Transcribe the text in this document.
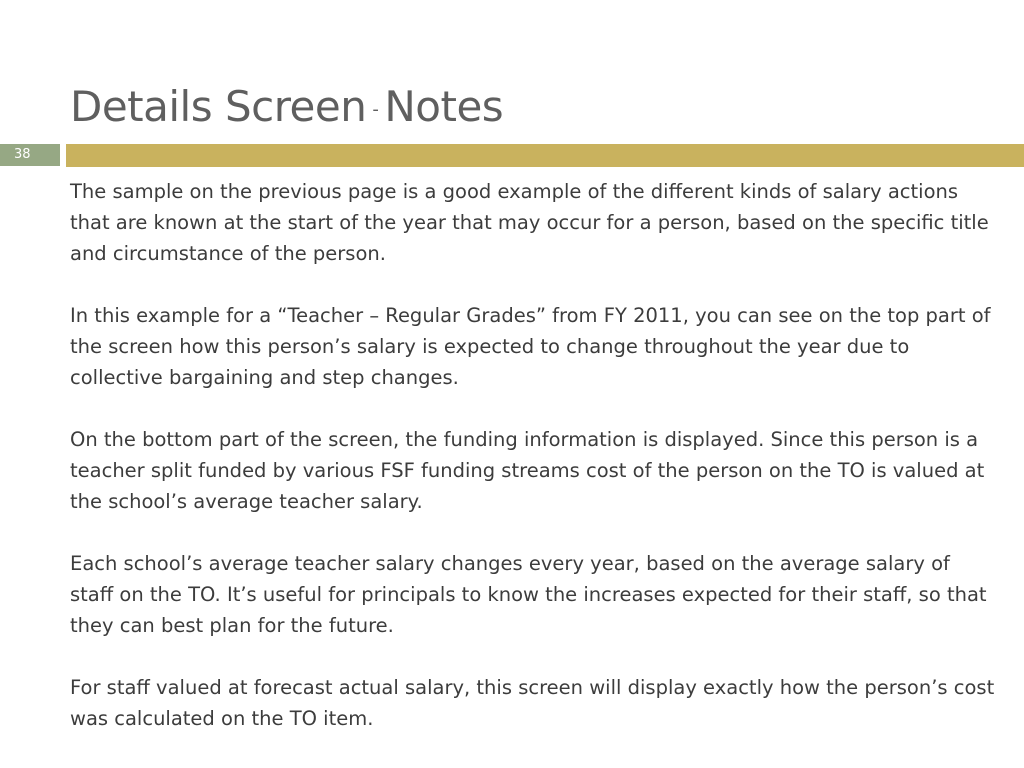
Details Screen - Notes
38

The sample on the previous page is a good example of the different kinds of salary actions that are known at the start of the year that may occur for a person, based on the specific title and circumstance of the person.

In this example for a “Teacher – Regular Grades” from FY 2011, you can see on the top part of the screen how this person’s salary is expected to change throughout the year due to collective bargaining and step changes.

On the bottom part of the screen, the funding information is displayed. Since this person is a teacher split funded by various FSF funding streams cost of the person on the TO is valued at the school’s average teacher salary.

Each school’s average teacher salary changes every year, based on the average salary of staff on the TO. It’s useful for principals to know the increases expected for their staff, so that they can best plan for the future.

For staff valued at forecast actual salary, this screen will display exactly how the person’s cost was calculated on the TO item.
